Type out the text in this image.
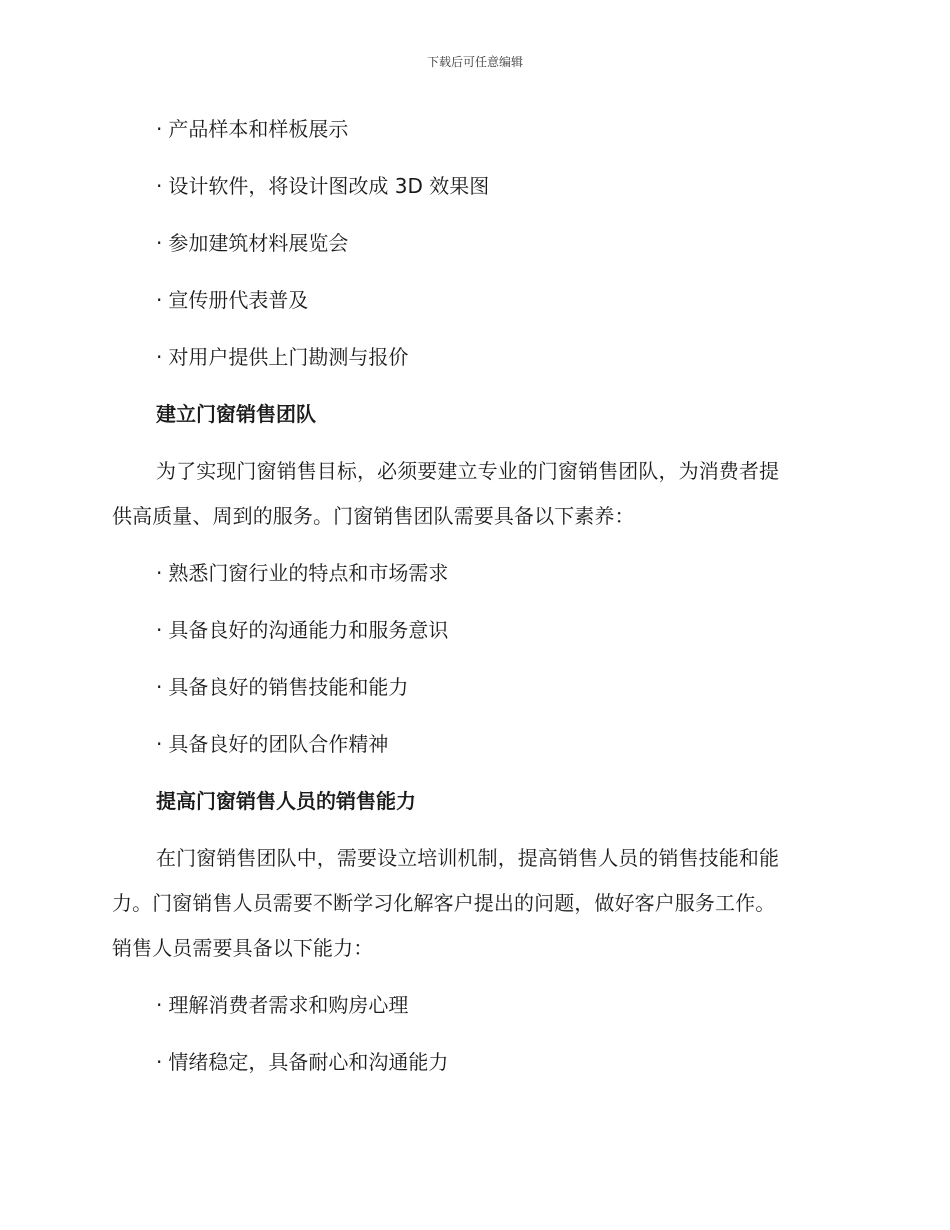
下载后可任意编辑
· 产品样本和样板展示
· 设计软件，将设计图改成 3D 效果图
· 参加建筑材料展览会
· 宣传册代表普及
· 对用户提供上门勘测与报价
建立门窗销售团队
为了实现门窗销售目标，必须要建立专业的门窗销售团队，为消费者提
供高质量、周到的服务。门窗销售团队需要具备以下素养：
· 熟悉门窗行业的特点和市场需求
· 具备良好的沟通能力和服务意识
· 具备良好的销售技能和能力
· 具备良好的团队合作精神
提高门窗销售人员的销售能力
在门窗销售团队中，需要设立培训机制，提高销售人员的销售技能和能
力。门窗销售人员需要不断学习化解客户提出的问题，做好客户服务工作。
销售人员需要具备以下能力：
· 理解消费者需求和购房心理
· 情绪稳定，具备耐心和沟通能力
